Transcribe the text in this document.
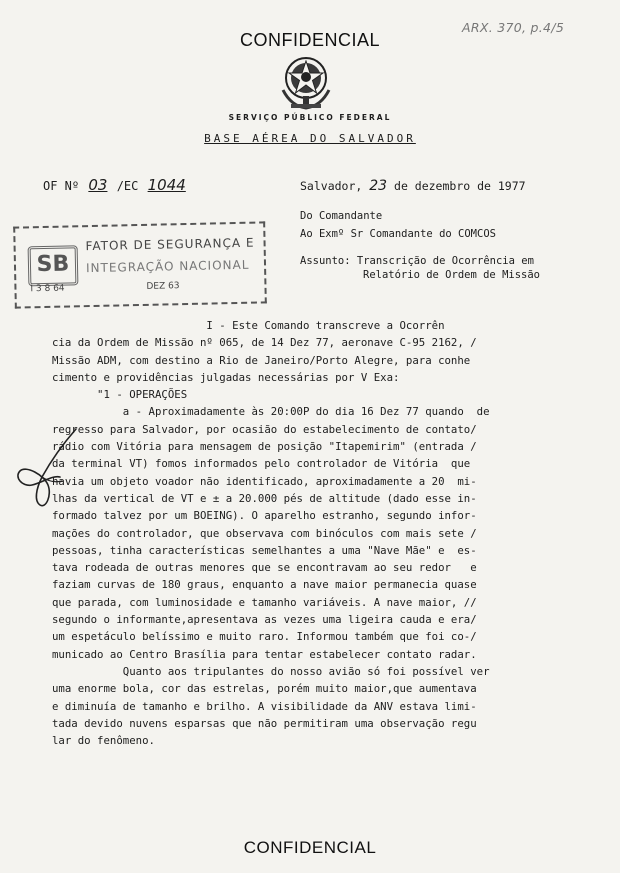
CONFIDENCIAL
ARX. 370, p.4/5
SERVIÇO PÚBLICO FEDERAL
BASE AÉREA DO SALVADOR
OF Nº 03 /EC 1044	Salvador, 23 de dezembro de 1977
Do Comandante
Ao Exmº Sr Comandante do COMCOS
Assunto: Transcrição de Ocorrência em
Relatório de Ordem de Missão
SB
FATOR DE SEGURANÇA E
INTEGRAÇÃO NACIONAL
I 3 8 64	DEZ 63
I - Este Comando transcreve a Ocorrên
cia da Ordem de Missão nº 065, de 14 Dez 77, aeronave C-95 2162, /
Missão ADM, com destino a Rio de Janeiro/Porto Alegre, para conhe
cimento e providências julgadas necessárias por V Exa:
"1 - OPERAÇÕES
a - Aproximadamente às 20:00P do dia 16 Dez 77 quando  de
regresso para Salvador, por ocasião do estabelecimento de contato/
rádio com Vitória para mensagem de posição "Itapemirim" (entrada /
da terminal VT) fomos informados pelo controlador de Vitória  que
havia um objeto voador não identificado, aproximadamente a 20  mi-
lhas da vertical de VT e ± a 20.000 pés de altitude (dado esse in-
formado talvez por um BOEING). O aparelho estranho, segundo infor-
mações do controlador, que observava com binóculos com mais sete /
pessoas, tinha características semelhantes a uma "Nave Mãe" e  es-
tava rodeada de outras menores que se encontravam ao seu redor   e
faziam curvas de 180 graus, enquanto a nave maior permanecia quase
que parada, com luminosidade e tamanho variáveis. A nave maior, //
segundo o informante,apresentava as vezes uma ligeira cauda e era/
um espetáculo belíssimo e muito raro. Informou também que foi co-/
municado ao Centro Brasília para tentar estabelecer contato radar.
Quanto aos tripulantes do nosso avião só foi possível ver
uma enorme bola, cor das estrelas, porém muito maior,que aumentava
e diminuía de tamanho e brilho. A visibilidade da ANV estava limi-
tada devido nuvens esparsas que não permitiram uma observação regu
lar do fenômeno.
CONFIDENCIAL
